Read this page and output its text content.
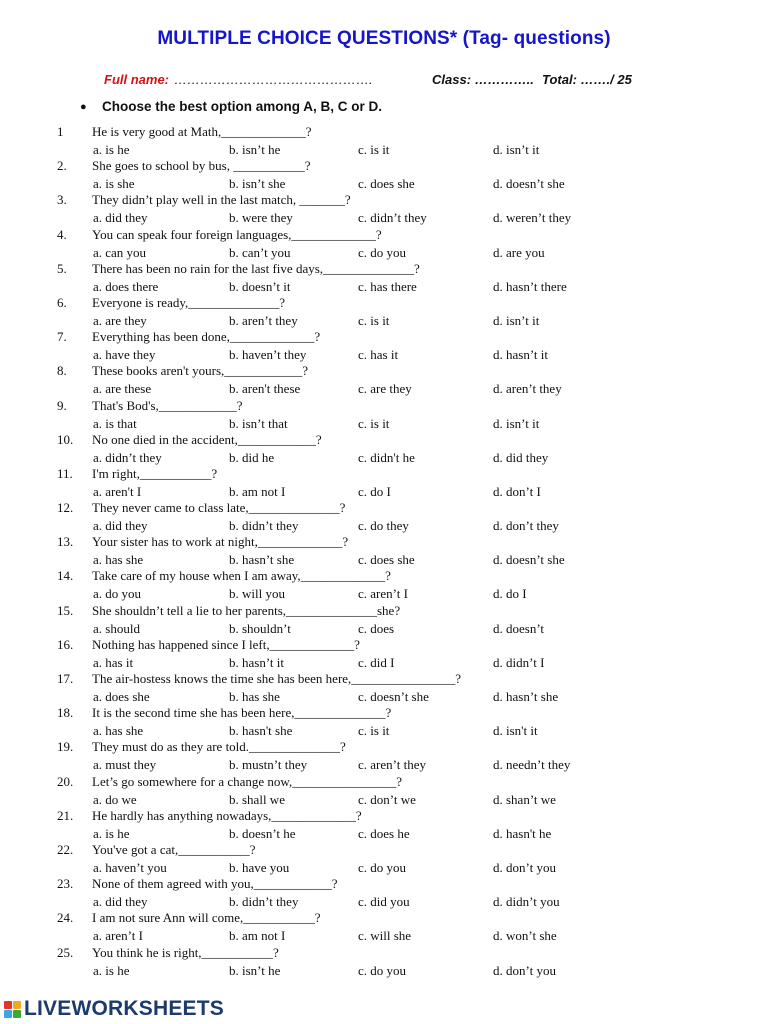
MULTIPLE CHOICE QUESTIONS* (Tag- questions)
Full name: ……………………………………….	Class: ………….. Total: ……./ 25
● Choose the best option among A, B, C or D.
1 He is very good at Math,_____________?
a. is he	b. isn’t he	c. is it	d. isn’t it
2. She goes to school by bus, ___________?
a. is she	b. isn’t she	c. does she	d. doesn’t she
3. They didn’t play well in the last match, _______?
a. did they	b. were they	c. didn’t they	d. weren’t they
4. You can speak four foreign languages,_____________?
a. can you	b. can’t you	c. do you	d. are you
5. There has been no rain for the last five days,______________?
a. does there	b. doesn’t it	c. has there	d. hasn’t there
6. Everyone is ready,______________?
a. are they	b. aren’t they	c. is it	d. isn’t it
7. Everything has been done,_____________?
a. have they	b. haven’t they	c. has it	d. hasn’t it
8. These books aren't yours,____________?
a. are these	b. aren't these	c. are they	d. aren’t they
9. That's Bod's,____________?
a. is that	b. isn’t that	c. is it	d. isn’t it
10. No one died in the accident,____________?
a. didn’t they	b. did he	c. didn't he	d. did they
11. I'm right,___________?
a. aren't I	b. am not I	c. do I	d. don’t I
12. They never came to class late,______________?
a. did they	b. didn’t they	c. do they	d. don’t they
13. Your sister has to work at night,_____________?
a. has she	b. hasn’t she	c. does she	d. doesn’t she
14. Take care of my house when I am away,_____________?
a. do you	b. will you	c. aren’t I	d. do I
15. She shouldn’t tell a lie to her parents,______________she?
a. should	b. shouldn’t	c. does	d. doesn’t
16. Nothing has happened since I left,_____________?
a. has it	b. hasn’t it	c. did I	d. didn’t I
17. The air-hostess knows the time she has been here,________________?
a. does she	b. has she	c. doesn’t she	d. hasn’t she
18. It is the second time she has been here,______________?
a. has she	b. hasn't she	c. is it	d. isn't it
19. They must do as they are told.______________?
a. must they	b. mustn’t they	c. aren’t they	d. needn’t they
20. Let’s go somewhere for a change now,________________?
a. do we	b. shall we	c. don’t we	d. shan’t we
21. He hardly has anything nowadays,_____________?
a. is he	b. doesn’t he	c. does he	d. hasn't he
22. You've got a cat,___________?
a. haven’t you	b. have you	c. do you	d. don’t you
23. None of them agreed with you,____________?
a. did they	b. didn’t they	c. did you	d. didn’t you
24. I am not sure Ann will come,___________?
a. aren’t I	b. am not I	c. will she	d. won’t she
25. You think he is right,___________?
a. is he	b. isn’t he	c. do you	d. don’t you
LIVEWORKSHEETS
